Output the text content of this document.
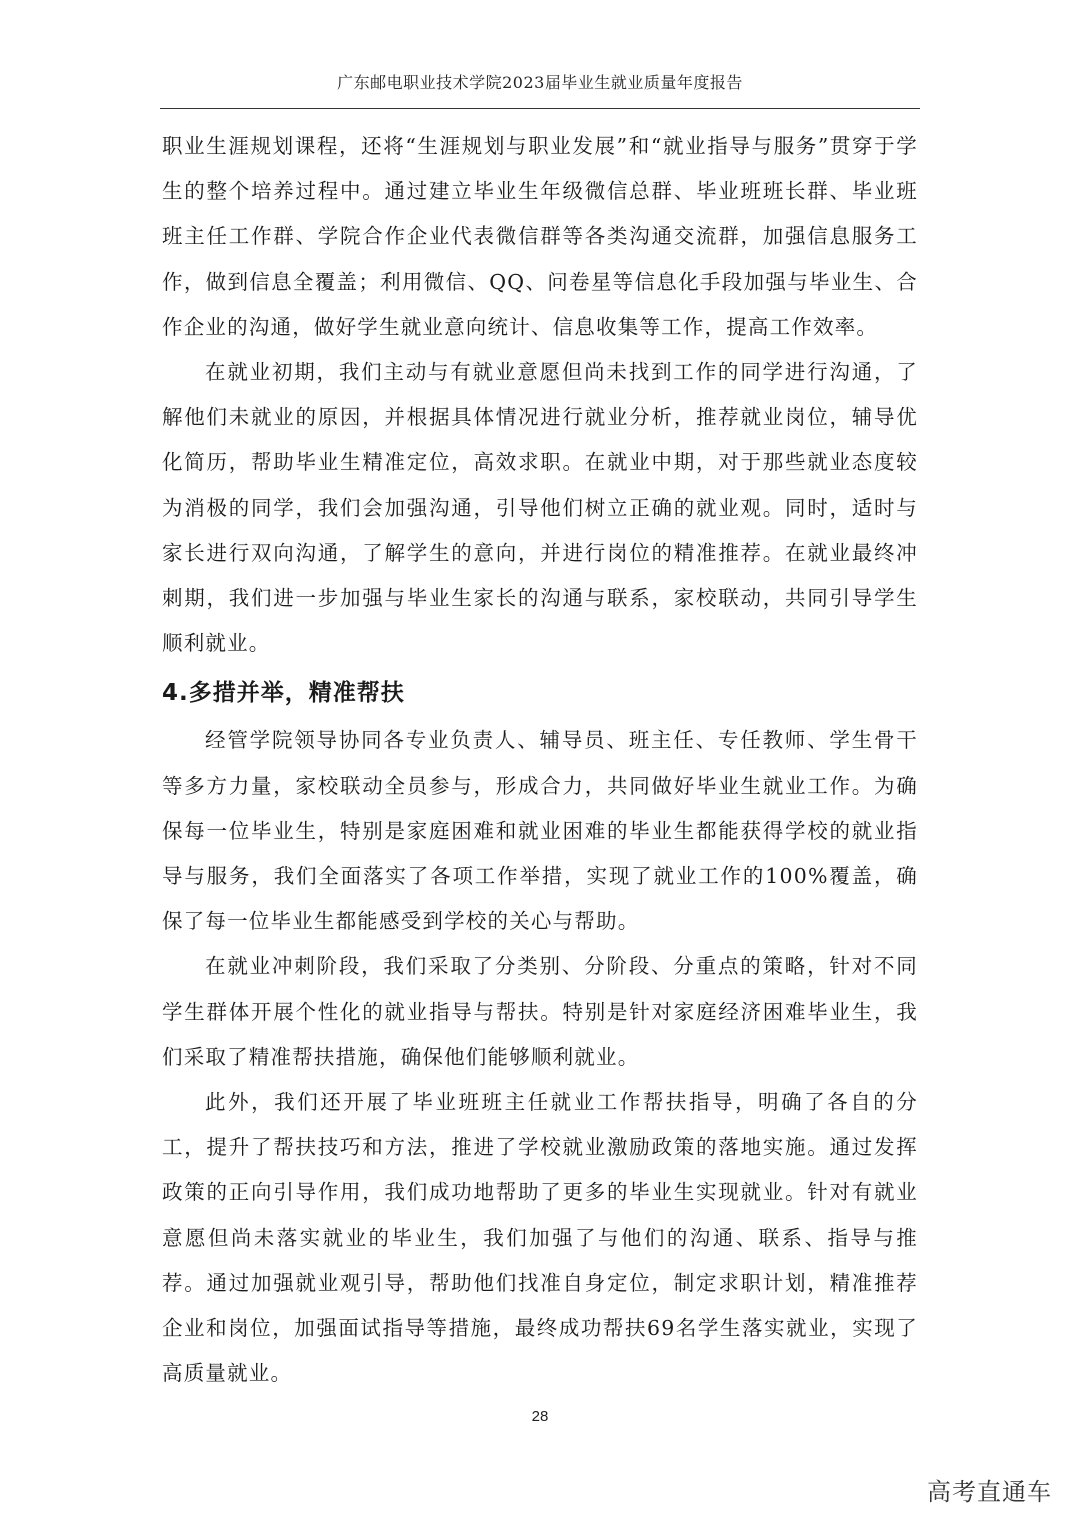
广东邮电职业技术学院2023届毕业生就业质量年度报告

职业生涯规划课程，还将“生涯规划与职业发展”和“就业指导与服务”贯穿于学生的整个培养过程中。通过建立毕业生年级微信总群、毕业班班长群、毕业班班主任工作群、学院合作企业代表微信群等各类沟通交流群，加强信息服务工作，做到信息全覆盖；利用微信、QQ、问卷星等信息化手段加强与毕业生、合作企业的沟通，做好学生就业意向统计、信息收集等工作，提高工作效率。

在就业初期，我们主动与有就业意愿但尚未找到工作的同学进行沟通，了解他们未就业的原因，并根据具体情况进行就业分析，推荐就业岗位，辅导优化简历，帮助毕业生精准定位，高效求职。在就业中期，对于那些就业态度较为消极的同学，我们会加强沟通，引导他们树立正确的就业观。同时，适时与家长进行双向沟通，了解学生的意向，并进行岗位的精准推荐。在就业最终冲刺期，我们进一步加强与毕业生家长的沟通与联系，家校联动，共同引导学生顺利就业。

4.多措并举，精准帮扶

经管学院领导协同各专业负责人、辅导员、班主任、专任教师、学生骨干等多方力量，家校联动全员参与，形成合力，共同做好毕业生就业工作。为确保每一位毕业生，特别是家庭困难和就业困难的毕业生都能获得学校的就业指导与服务，我们全面落实了各项工作举措，实现了就业工作的100%覆盖，确保了每一位毕业生都能感受到学校的关心与帮助。

在就业冲刺阶段，我们采取了分类别、分阶段、分重点的策略，针对不同学生群体开展个性化的就业指导与帮扶。特别是针对家庭经济困难毕业生，我们采取了精准帮扶措施，确保他们能够顺利就业。

此外，我们还开展了毕业班班主任就业工作帮扶指导，明确了各自的分工，提升了帮扶技巧和方法，推进了学校就业激励政策的落地实施。通过发挥政策的正向引导作用，我们成功地帮助了更多的毕业生实现就业。针对有就业意愿但尚未落实就业的毕业生，我们加强了与他们的沟通、联系、指导与推荐。通过加强就业观引导，帮助他们找准自身定位，制定求职计划，精准推荐企业和岗位，加强面试指导等措施，最终成功帮扶69名学生落实就业，实现了高质量就业。

28
高考直通车
